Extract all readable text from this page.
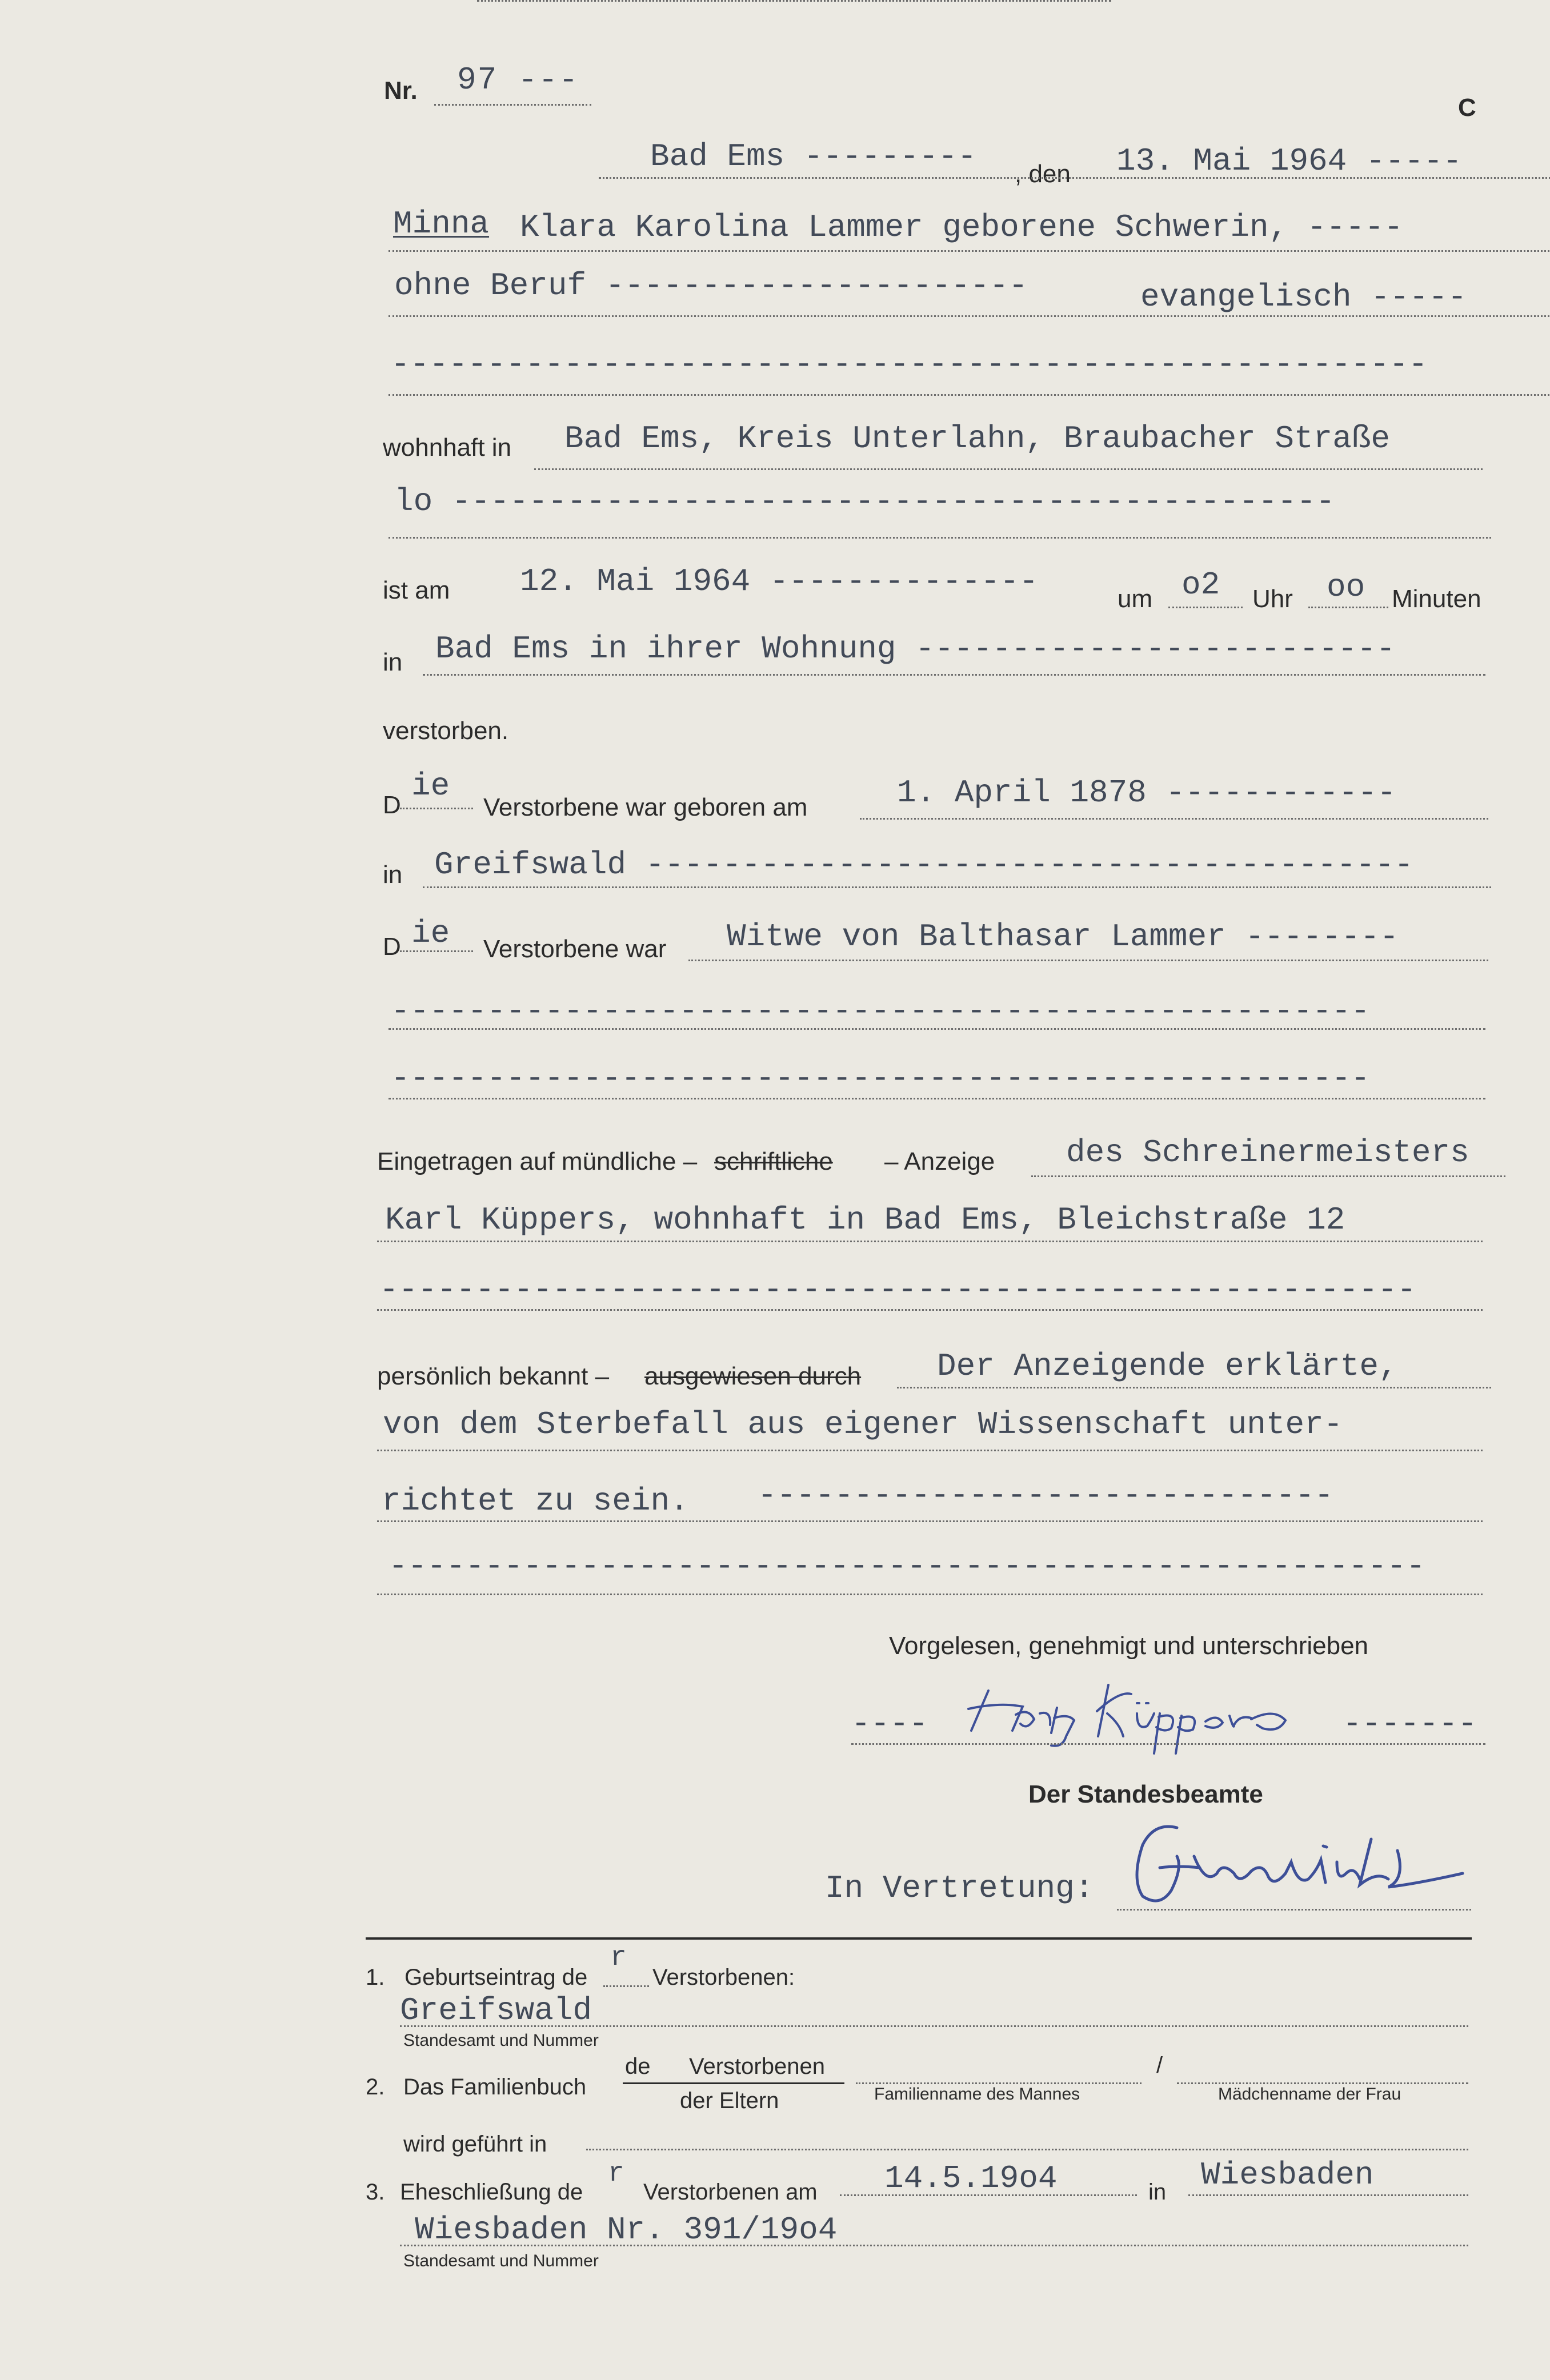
Nr. 97 ---
C
Bad Ems --------- , den 13. Mai 1964 -----
Minna Klara Karolina Lammer geborene Schwerin, -----
ohne Beruf ----------------------	evangelisch -----
------------------------------------------------------
wohnhaft in Bad Ems, Kreis Unterlahn, Braubacher Straße
lo ----------------------------------------------
ist am 12. Mai 1964 --------------	um o2 Uhr oo Minuten
in Bad Ems in ihrer Wohnung -------------------------
verstorben.
D
ie
Verstorbene war geboren am	1. April 1878 ------------
in Greifswald ----------------------------------------
D ie Verstorbene war Witwe von Balthasar Lammer --------
---------------------------------------------------
---------------------------------------------------
Eingetragen auf mündliche – schriftliche – Anzeige des Schreinermeisters
Karl Küppers, wohnhaft in Bad Ems, Bleichstraße 12
------------------------------------------------------
persönlich bekannt – ausgewiesen durch Der Anzeigende erklärte,
von dem Sterbefall aus eigener Wissenschaft unter-
richtet zu sein. ------------------------------
------------------------------------------------------
Vorgelesen, genehmigt und unterschrieben
----
Karl Küppers
-------
Der Standesbeamte
In Vertretung:
1. Geburtseintrag de
r
Verstorbenen:
Greifswald
Standesamt und Nummer
2. Das Familienbuch
de Verstorbenen
der Eltern
/
Familienname des Mannes	Mädchenname der Frau
wird geführt in
3. Eheschließung de
r
Verstorbenen am 14.5.19o4	in Wiesbaden
Wiesbaden Nr. 391/19o4
Standesamt und Nummer
